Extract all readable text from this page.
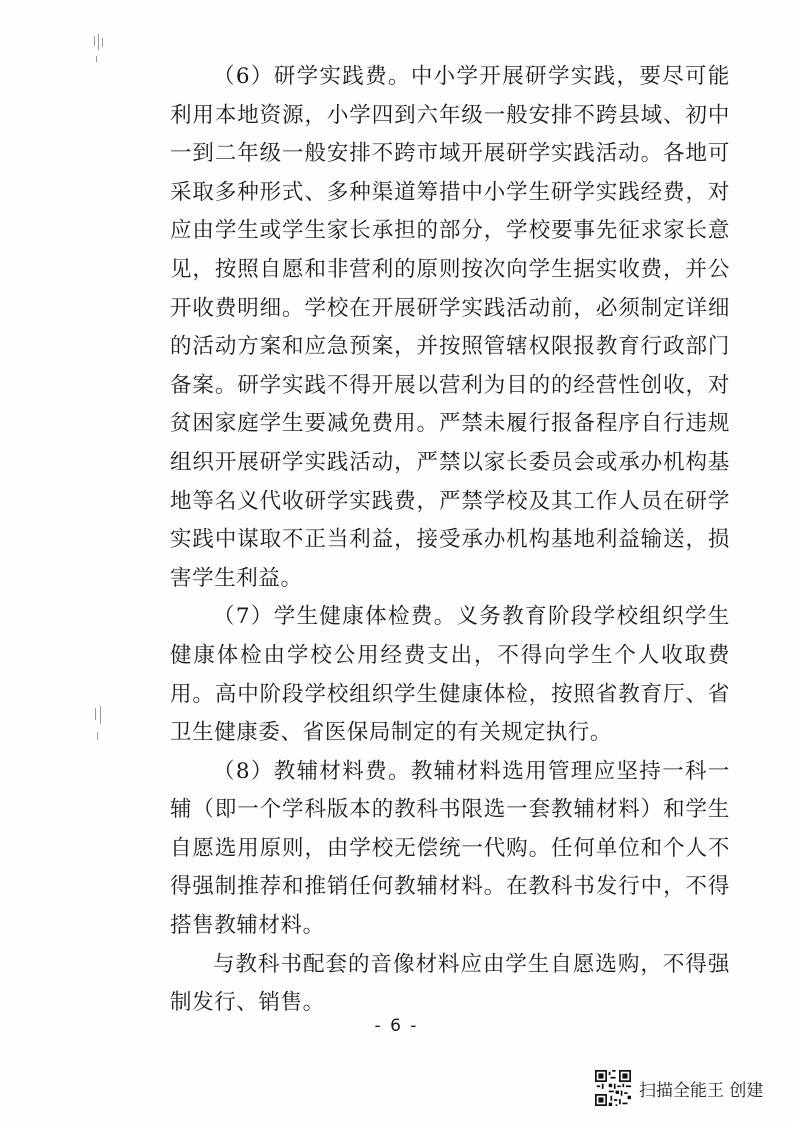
（6）研学实践费。中小学开展研学实践，要尽可能利用本地资源，小学四到六年级一般安排不跨县域、初中一到二年级一般安排不跨市域开展研学实践活动。各地可采取多种形式、多种渠道筹措中小学生研学实践经费，对应由学生或学生家长承担的部分，学校要事先征求家长意见，按照自愿和非营利的原则按次向学生据实收费，并公开收费明细。学校在开展研学实践活动前，必须制定详细的活动方案和应急预案，并按照管辖权限报教育行政部门备案。研学实践不得开展以营利为目的的经营性创收，对贫困家庭学生要减免费用。严禁未履行报备程序自行违规组织开展研学实践活动，严禁以家长委员会或承办机构基地等名义代收研学实践费，严禁学校及其工作人员在研学实践中谋取不正当利益，接受承办机构基地利益输送，损害学生利益。

（7）学生健康体检费。义务教育阶段学校组织学生健康体检由学校公用经费支出，不得向学生个人收取费用。高中阶段学校组织学生健康体检，按照省教育厅、省卫生健康委、省医保局制定的有关规定执行。

（8）教辅材料费。教辅材料选用管理应坚持一科一辅（即一个学科版本的教科书限选一套教辅材料）和学生自愿选用原则，由学校无偿统一代购。任何单位和个人不得强制推荐和推销任何教辅材料。在教科书发行中，不得搭售教辅材料。

与教科书配套的音像材料应由学生自愿选购，不得强制发行、销售。

- 6 -
扫描全能王 创建
